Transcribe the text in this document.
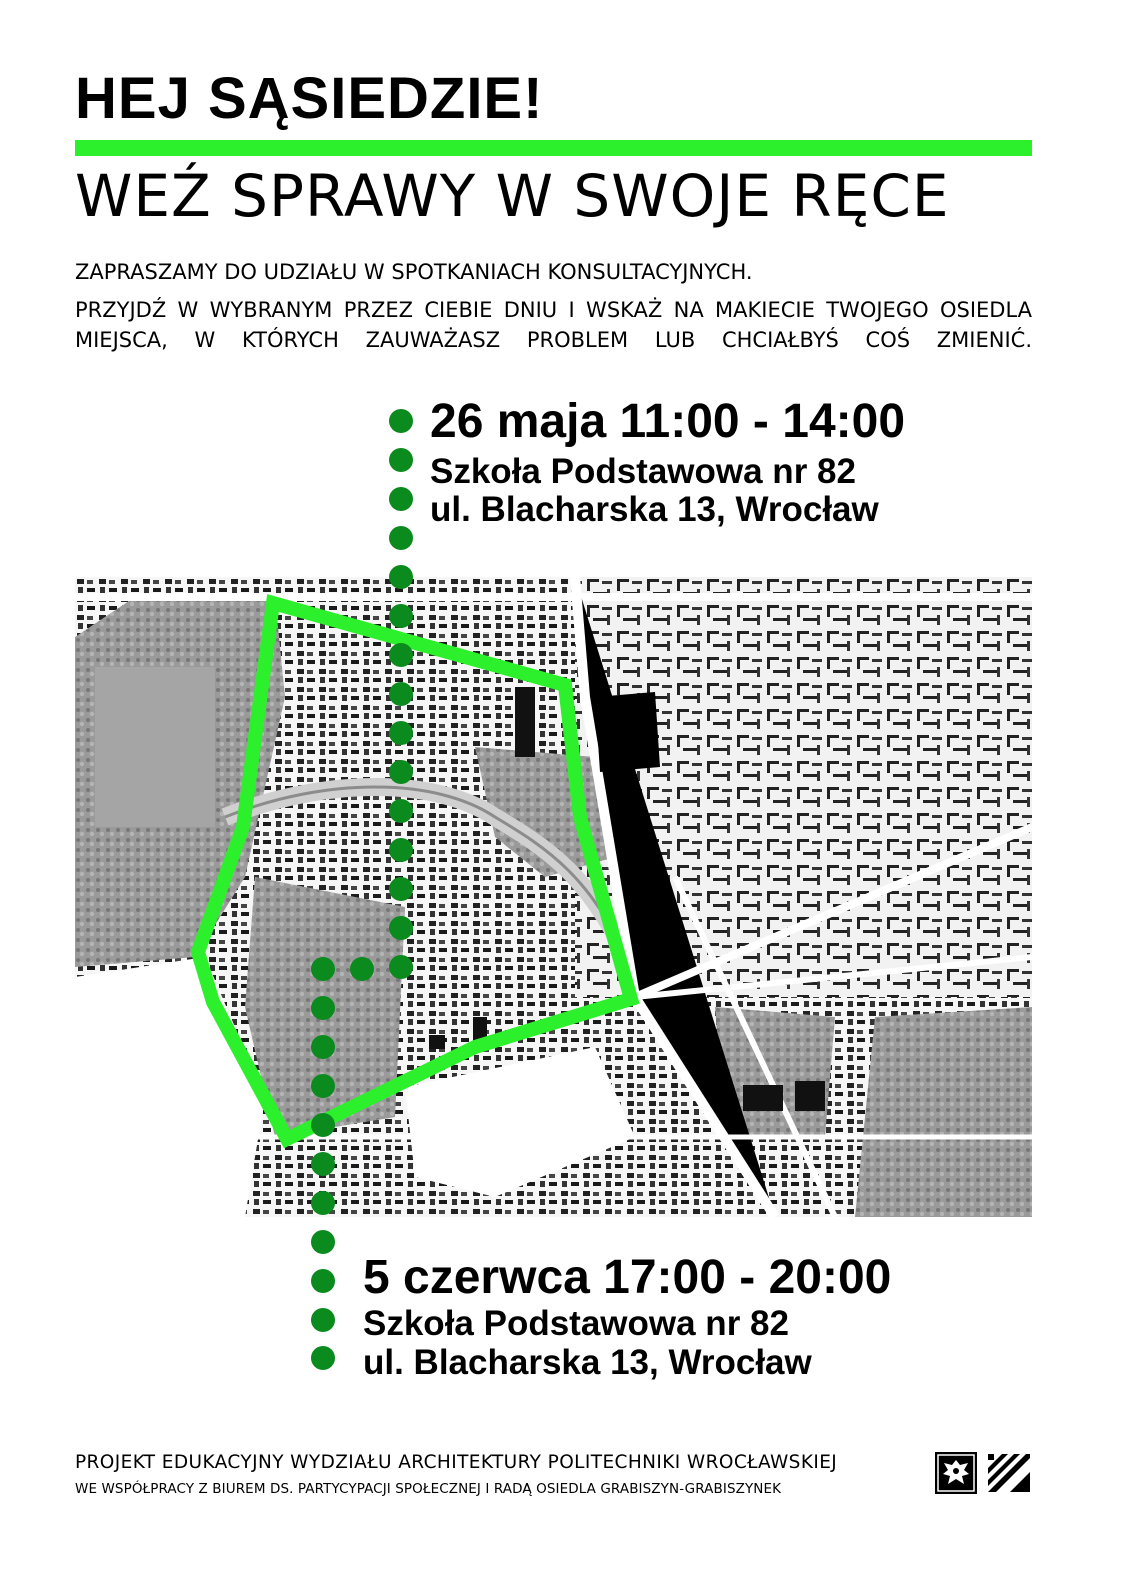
HEJ SĄSIEDZIE!
WEŹ SPRAWY W SWOJE RĘCE
ZAPRASZAMY DO UDZIAŁU W SPOTKANIACH KONSULTACYJNYCH.
PRZYJDŹ W WYBRANYM PRZEZ CIEBIE DNIU I WSKAŻ NA MAKIECIE TWOJEGO OSIEDLA
MIEJSCA, W KTÓRYCH ZAUWAŻASZ PROBLEM LUB CHCIAŁBYŚ COŚ ZMIENIĆ.
26 maja 11:00 - 14:00
Szkoła Podstawowa nr 82
ul. Blacharska 13, Wrocław
5 czerwca 17:00 - 20:00
Szkoła Podstawowa nr 82
ul. Blacharska 13, Wrocław
PROJEKT EDUKACYJNY WYDZIAŁU ARCHITEKTURY POLITECHNIKI WROCŁAWSKIEJ
WE WSPÓŁPRACY Z BIUREM DS. PARTYCYPACJI SPOŁECZNEJ I RADĄ OSIEDLA GRABISZYN-GRABISZYNEK
